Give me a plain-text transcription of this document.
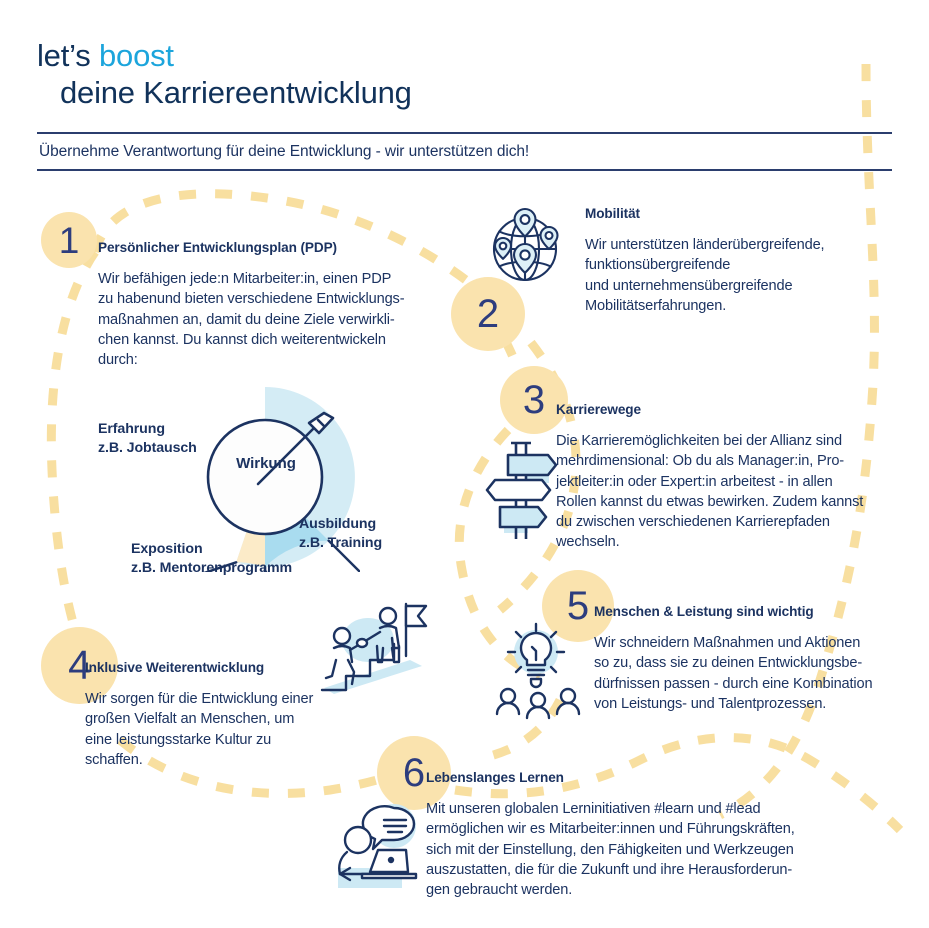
let’s boost
deine Karriereentwicklung
Übernehme Verantwortung für deine Entwicklung - wir unterstützen dich!
1
2
3
4
5
6
Persönlicher Entwicklungsplan (PDP)
Wir befähigen jede:n Mitarbeiter:in, einen PDP
zu habenund bieten verschiedene Entwicklungs-
maßnahmen an, damit du deine Ziele verwirkli-
chen kannst. Du kannst dich weiterentwickeln
durch:
Wirkung
Erfahrung
z.B. Jobtausch
Exposition
z.B. Mentorenprogramm
Ausbildung
z.B. Training
Mobilität
Wir unterstützen länderübergreifende,
funktionsübergreifende
und unternehmensübergreifende
Mobilitätserfahrungen.
Karrierewege
Die Karrieremöglichkeiten bei der Allianz sind
mehrdimensional: Ob du als Manager:in, Pro-
jektleiter:in oder Expert:in arbeitest - in allen
Rollen kannst du etwas bewirken. Zudem kannst
du zwischen verschiedenen Karrierepfaden
wechseln.
Inklusive Weiterentwicklung
Wir sorgen für die Entwicklung einer
großen Vielfalt an Menschen, um
eine leistungsstarke Kultur zu
schaffen.
Menschen & Leistung sind wichtig
Wir schneidern Maßnahmen und Aktionen
so zu, dass sie zu deinen Entwicklungsbe-
dürfnissen passen - durch eine Kombination
von Leistungs- und Talentprozessen.
Lebenslanges Lernen
Mit unseren globalen Lerninitiativen #learn und #lead
ermöglichen wir es Mitarbeiter:innen und Führungskräften,
sich mit der Einstellung, den Fähigkeiten und Werkzeugen
auszustatten, die für die Zukunft und ihre Herausforderun-
gen gebraucht werden.
